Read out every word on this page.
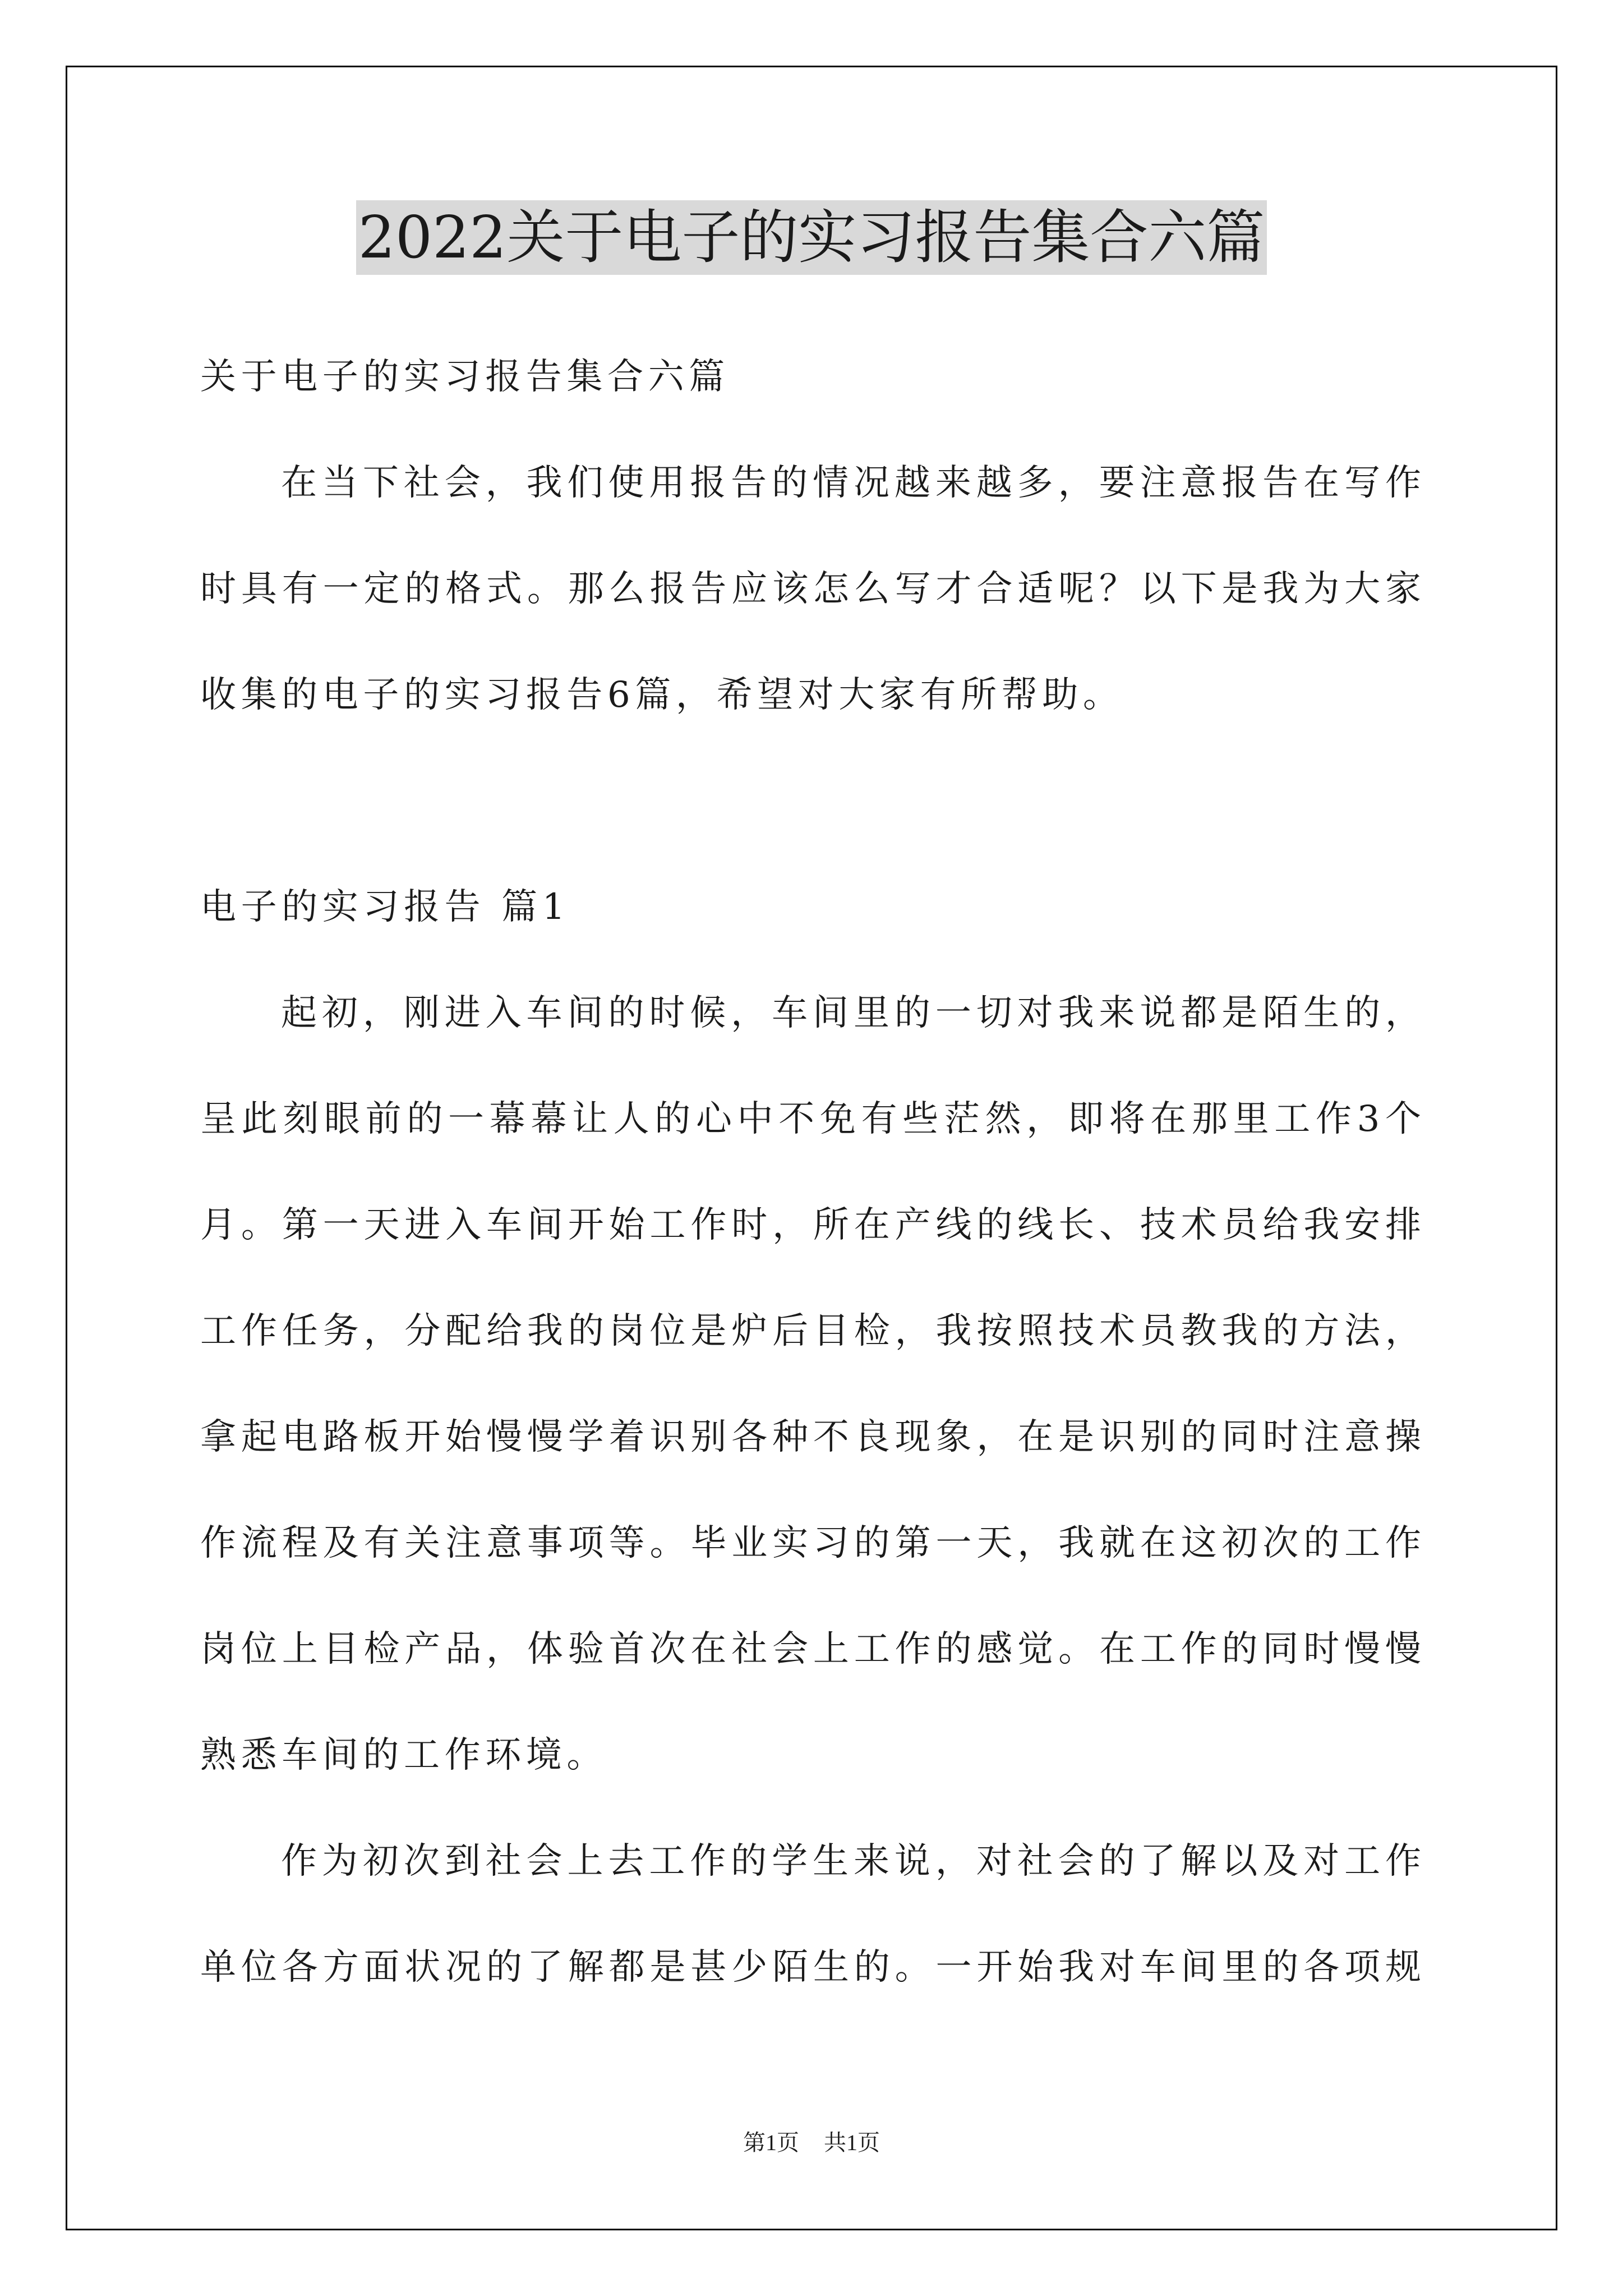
2022关于电子的实习报告集合六篇
关于电子的实习报告集合六篇
在当下社会，我们使用报告的情况越来越多，要注意报告在写作
时具有一定的格式。那么报告应该怎么写才合适呢？以下是我为大家
收集的电子的实习报告6篇，希望对大家有所帮助。
电子的实习报告 篇1
起初，刚进入车间的时候，车间里的一切对我来说都是陌生的，
呈此刻眼前的一幕幕让人的心中不免有些茫然，即将在那里工作3个
月。第一天进入车间开始工作时，所在产线的线长、技术员给我安排
工作任务，分配给我的岗位是炉后目检，我按照技术员教我的方法，
拿起电路板开始慢慢学着识别各种不良现象，在是识别的同时注意操
作流程及有关注意事项等。毕业实习的第一天，我就在这初次的工作
岗位上目检产品，体验首次在社会上工作的感觉。在工作的同时慢慢
熟悉车间的工作环境。
作为初次到社会上去工作的学生来说，对社会的了解以及对工作
单位各方面状况的了解都是甚少陌生的。一开始我对车间里的各项规
第1页 共1页
